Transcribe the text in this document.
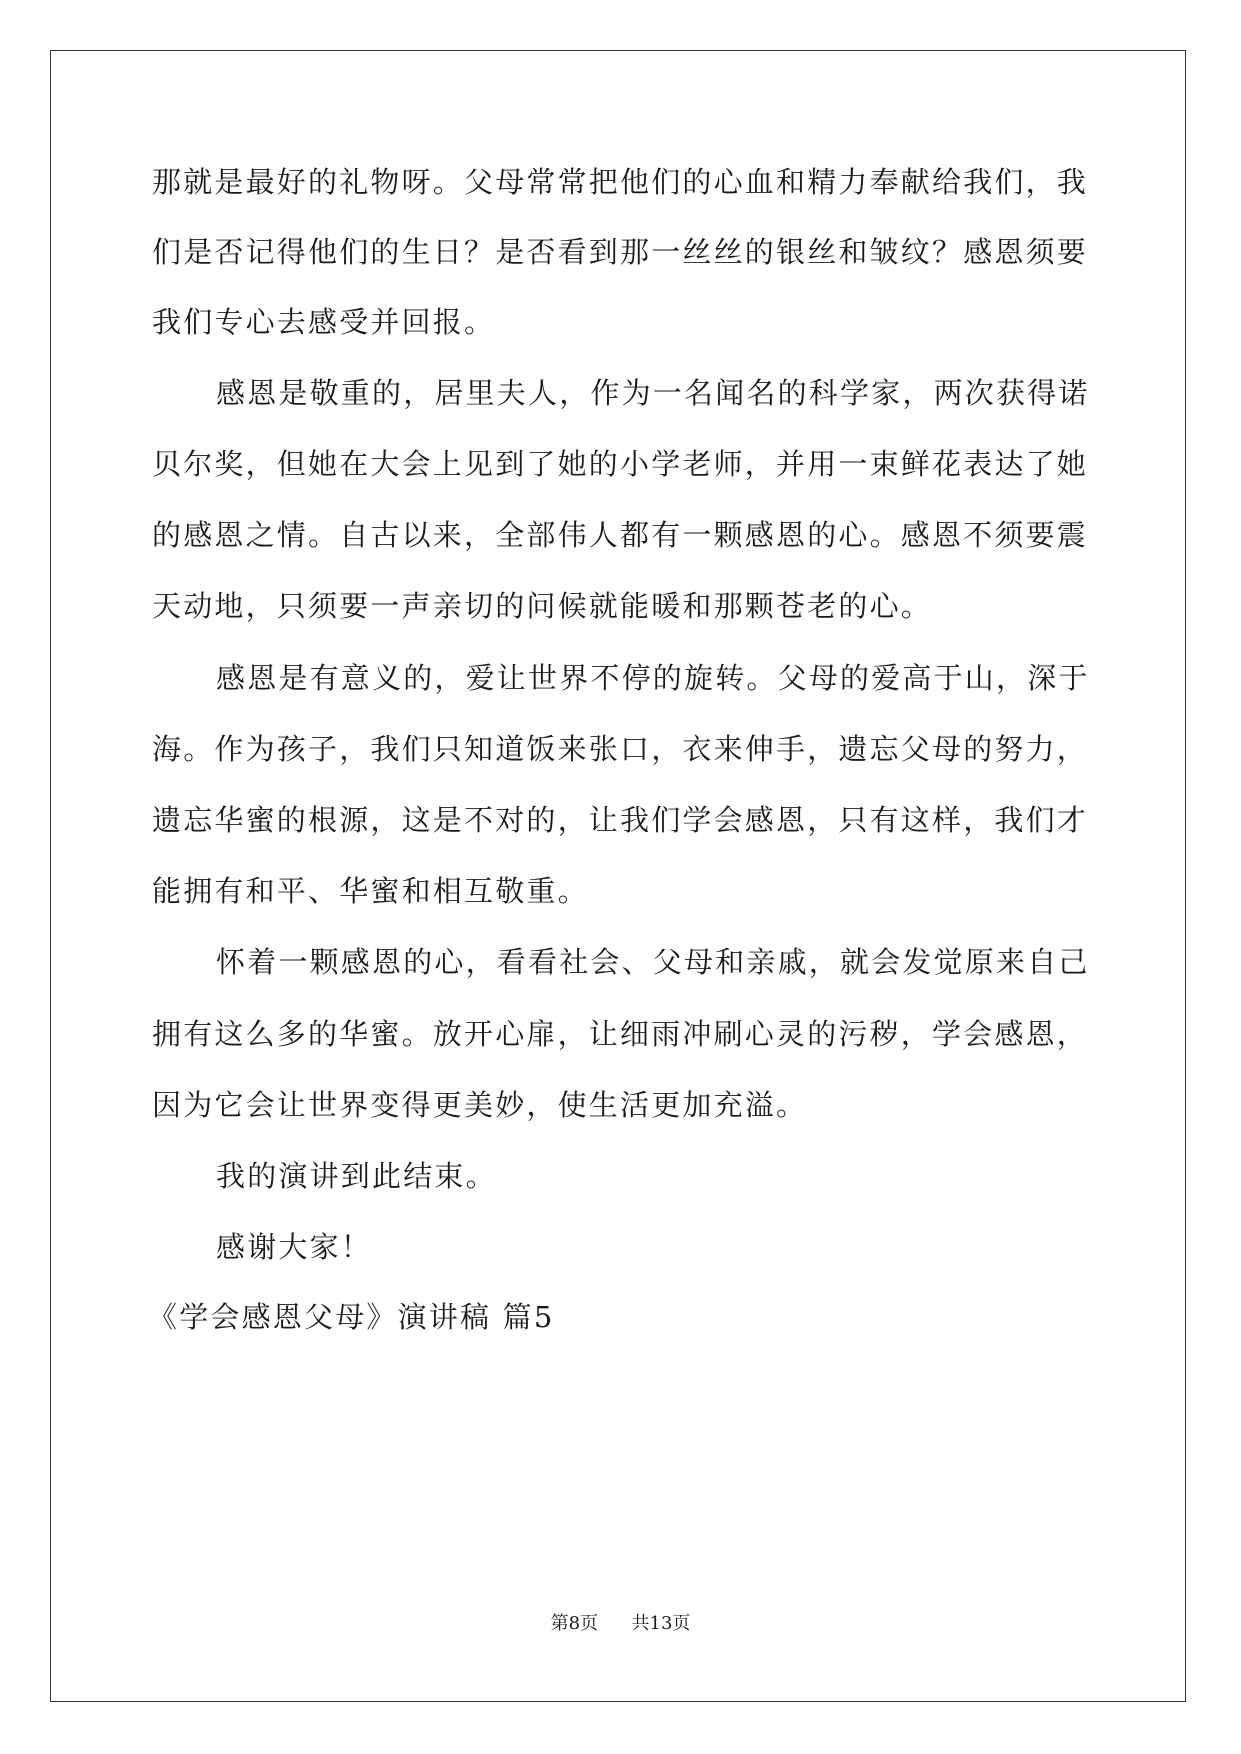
那就是最好的礼物呀。父母常常把他们的心血和精力奉献给我们，我
们是否记得他们的生日？是否看到那一丝丝的银丝和皱纹？感恩须要
我们专心去感受并回报。
感恩是敬重的，居里夫人，作为一名闻名的科学家，两次获得诺
贝尔奖，但她在大会上见到了她的小学老师，并用一束鲜花表达了她
的感恩之情。自古以来，全部伟人都有一颗感恩的心。感恩不须要震
天动地，只须要一声亲切的问候就能暖和那颗苍老的心。
感恩是有意义的，爱让世界不停的旋转。父母的爱高于山，深于
海。作为孩子，我们只知道饭来张口，衣来伸手，遗忘父母的努力，
遗忘华蜜的根源，这是不对的，让我们学会感恩，只有这样，我们才
能拥有和平、华蜜和相互敬重。
怀着一颗感恩的心，看看社会、父母和亲戚，就会发觉原来自己
拥有这么多的华蜜。放开心扉，让细雨冲刷心灵的污秽，学会感恩，
因为它会让世界变得更美妙，使生活更加充溢。
我的演讲到此结束。
感谢大家！
《学会感恩父母》演讲稿 篇5
第8页 共13页
